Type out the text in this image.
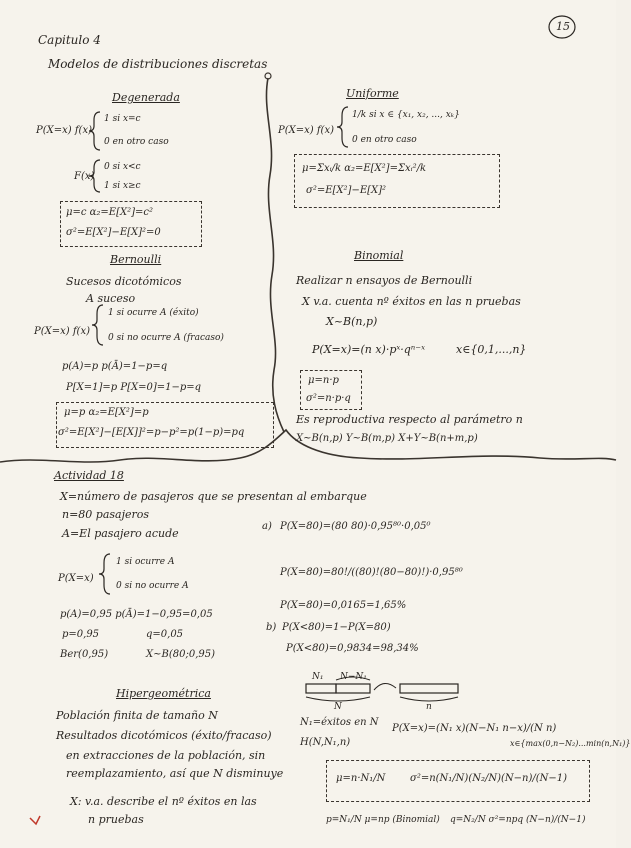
Capitulo 4
Modelos de distribuciones discretas
15
Degenerada
P(X=x) f(x)
1 si x=c
0 en otro caso
F(x)
0 si x<c
1 si x≥c
μ=c α₂=E[X²]=c²
σ²=E[X²]−E[X]²=0
Bernoulli
Sucesos dicotómicos
A suceso
P(X=x) f(x)
1 si ocurre A (éxito)
0 si no ocurre A (fracaso)
p(A)=p p(Ā)=1−p=q
P[X=1]=p P[X=0]=1−p=q
μ=p α₂=E[X²]=p
σ²=E[X²]−[E[X]]²=p−p²=p(1−p)=pq
Uniforme
P(X=x) f(x)
1/k si x ∈ {x₁, x₂, ..., xₖ}
0 en otro caso
μ=Σxᵢ/k α₂=E[X²]=Σxᵢ²/k
σ²=E[X²]−E[X]²
Binomial
Realizar n ensayos de Bernoulli
X v.a. cuenta nº éxitos en las n pruebas
X~B(n,p)
P(X=x)=(n x)·pˣ·qⁿ⁻ˣ	x∈{0,1,...,n}
μ=n·p
σ²=n·p·q
Es reproductiva respecto al parámetro n
X~B(n,p) Y~B(m,p) X+Y~B(n+m,p)
Actividad 18
X=número de pasajeros que se presentan al embarque
n=80 pasajeros
A=El pasajero acude
P(X=x)
1 si ocurre A
0 si no ocurre A
p(A)=0,95 p(Ā)=1−0,95=0,05
p=0,95	q=0,05
Ber(0,95)	X~B(80;0,95)
a) P(X=80)=(80 80)·0,95⁸⁰·0,05⁰
P(X=80)=80!/((80)!(80−80)!)·0,95⁸⁰
P(X=80)=0,0165=1,65%
b) P(X<80)=1−P(X=80)
P(X<80)=0,9834=98,34%
Hipergeométrica
Población finita de tamaño N
Resultados dicotómicos (éxito/fracaso)
en extracciones de la población, sin
reemplazamiento, así que N disminuye
X: v.a. describe el nº éxitos en las
n pruebas
N₁ N−N₁
N	n
N₁=éxitos en N
H(N,N₁,n)
P(X=x)=(N₁ x)(N−N₁ n−x)/(N n)
x∈{max(0,n−N₂)...min(n,N₁)}
μ=n·N₁/N σ²=n(N₁/N)(N₂/N)(N−n)/(N−1)
p=N₁/N μ=np (Binomial) q=N₂/N σ²=npq (N−n)/(N−1)
